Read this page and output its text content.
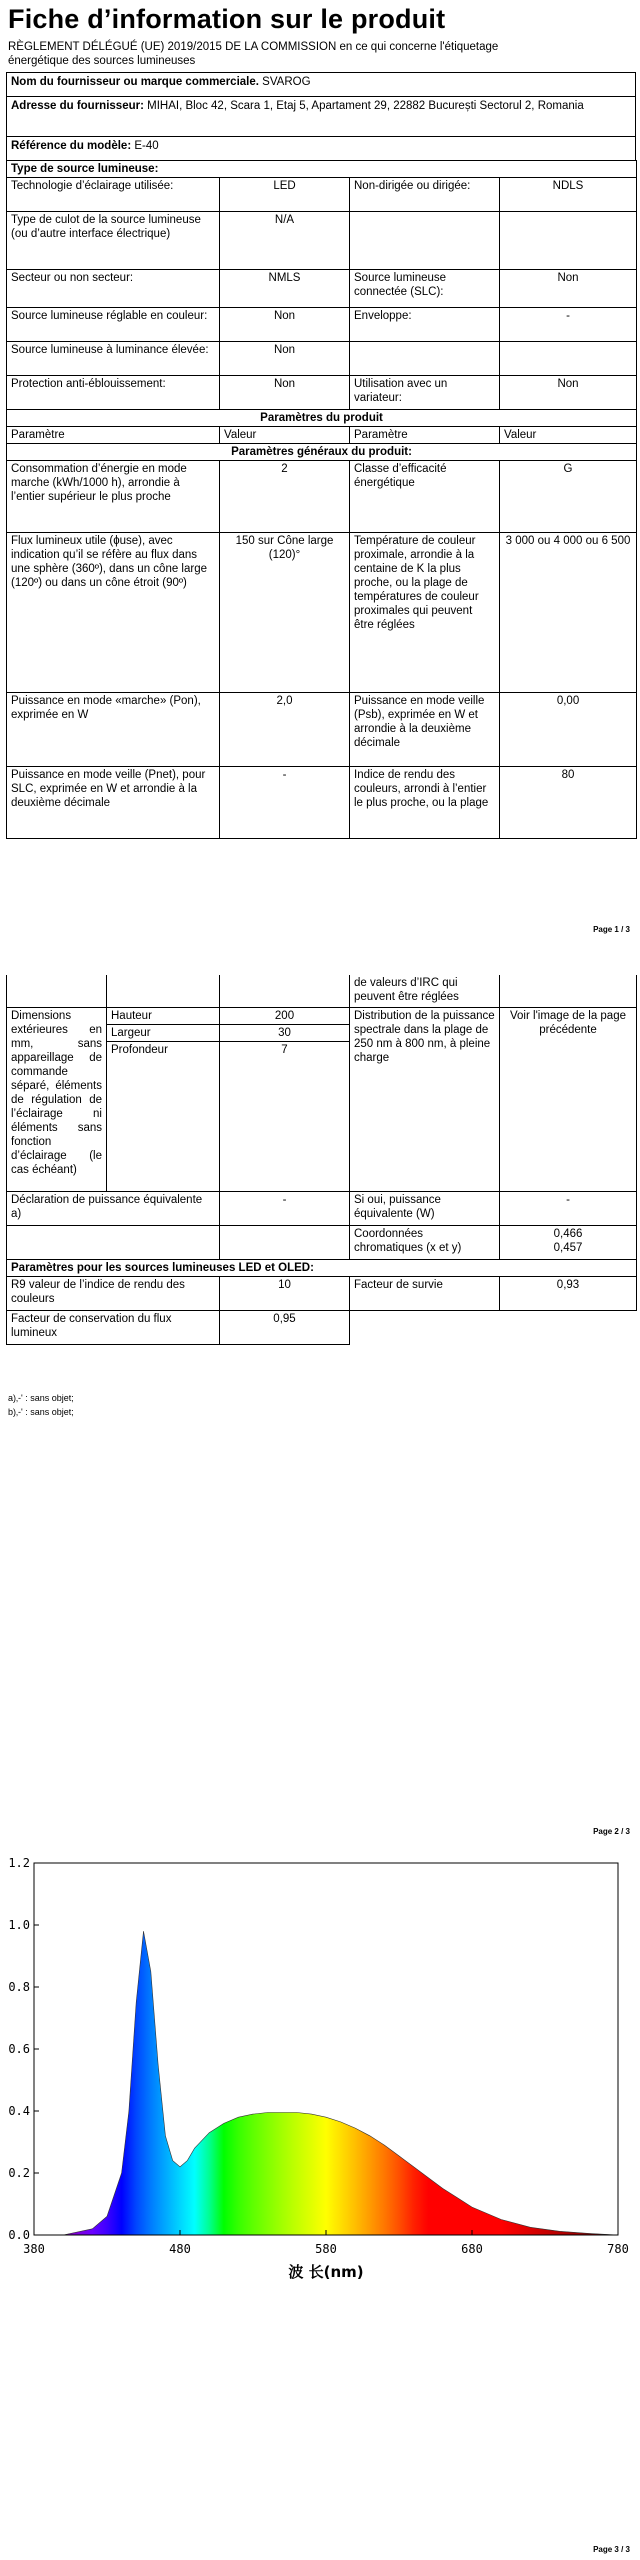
Fiche d’information sur le produit
RÈGLEMENT DÉLÉGUÉ (UE) 2019/2015 DE LA COMMISSION en ce qui concerne l'étiquetage
énergétique des sources lumineuses
Nom du fournisseur ou marque commerciale. SVAROG
Adresse du fournisseur: MIHAI, Bloc 42, Scara 1, Etaj 5, Apartament 29, 22882 București Sectorul 2, Romania
Référence du modèle: E-40
Type de source lumineuse:			
Technologie d’éclairage utilisée:	LED	Non-dirigée ou dirigée:	NDLS
Type de culot de la source lumineuse (ou d’autre interface électrique)	N/A		
Secteur ou non secteur:	NMLS	Source lumineuse connectée (SLC):	Non
Source lumineuse réglable en couleur:	Non	Enveloppe:	-
Source lumineuse à luminance élevée:	Non		
Protection anti-éblouissement:	Non	Utilisation avec un variateur:	Non
Paramètres du produit			
Paramètre	Valeur	Paramètre	Valeur
Paramètres généraux du produit:			
Consommation d’énergie en mode marche (kWh/1000 h), arrondie à l’entier supérieur le plus proche	2	Classe d’efficacité énergétique	G
Flux lumineux utile (ɸuse), avec indication qu’il se réfère au flux dans une sphère (360º), dans un cône large (120º) ou dans un cône étroit (90º)	150 sur Cône large (120)°	Température de couleur proximale, arrondie à la centaine de K la plus proche, ou la plage de températures de couleur proximales qui peuvent être réglées	3 000 ou 4 000 ou 6 500
Puissance en mode «marche» (Pon), exprimée en W	2,0	Puissance en mode veille (Psb), exprimée en W et arrondie à la deuxième décimale	0,00
Puissance en mode veille (Pnet), pour SLC, exprimée en W et arrondie à la deuxième décimale	-	Indice de rendu des couleurs, arrondi à l’entier le plus proche, ou la plage	80
Page 1 / 3
			de valeurs d’IRC qui peuvent être réglées	
Dimensions extérieures en mm, sans appareillage de commande séparé, éléments de régulation de l’éclairage ni éléments sans fonction d’éclairage (le cas échéant)	Hauteur	200	Distribution de la puissance spectrale dans la plage de 250 nm à 800 nm, à pleine charge	Voir l'image de la page précédente
	Largeur	30		
	Profondeur	7		
Déclaration de puissance équivalente a)		-	Si oui, puissance équivalente (W)	-
			Coordonnées chromatiques (x et y)	0,466
0,457
Paramètres pour les sources lumineuses LED et OLED:				
R9 valeur de l’indice de rendu des couleurs		10	Facteur de survie	0,93
Facteur de conservation du flux lumineux		0,95		
a)‚-' : sans objet;
b)‚-' : sans objet;
Page 2 / 3
0.0
0.2
0.4
0.6
0.8
1.0
1.2
380	480	580	680	780
波 长(nm)
Page 3 / 3
